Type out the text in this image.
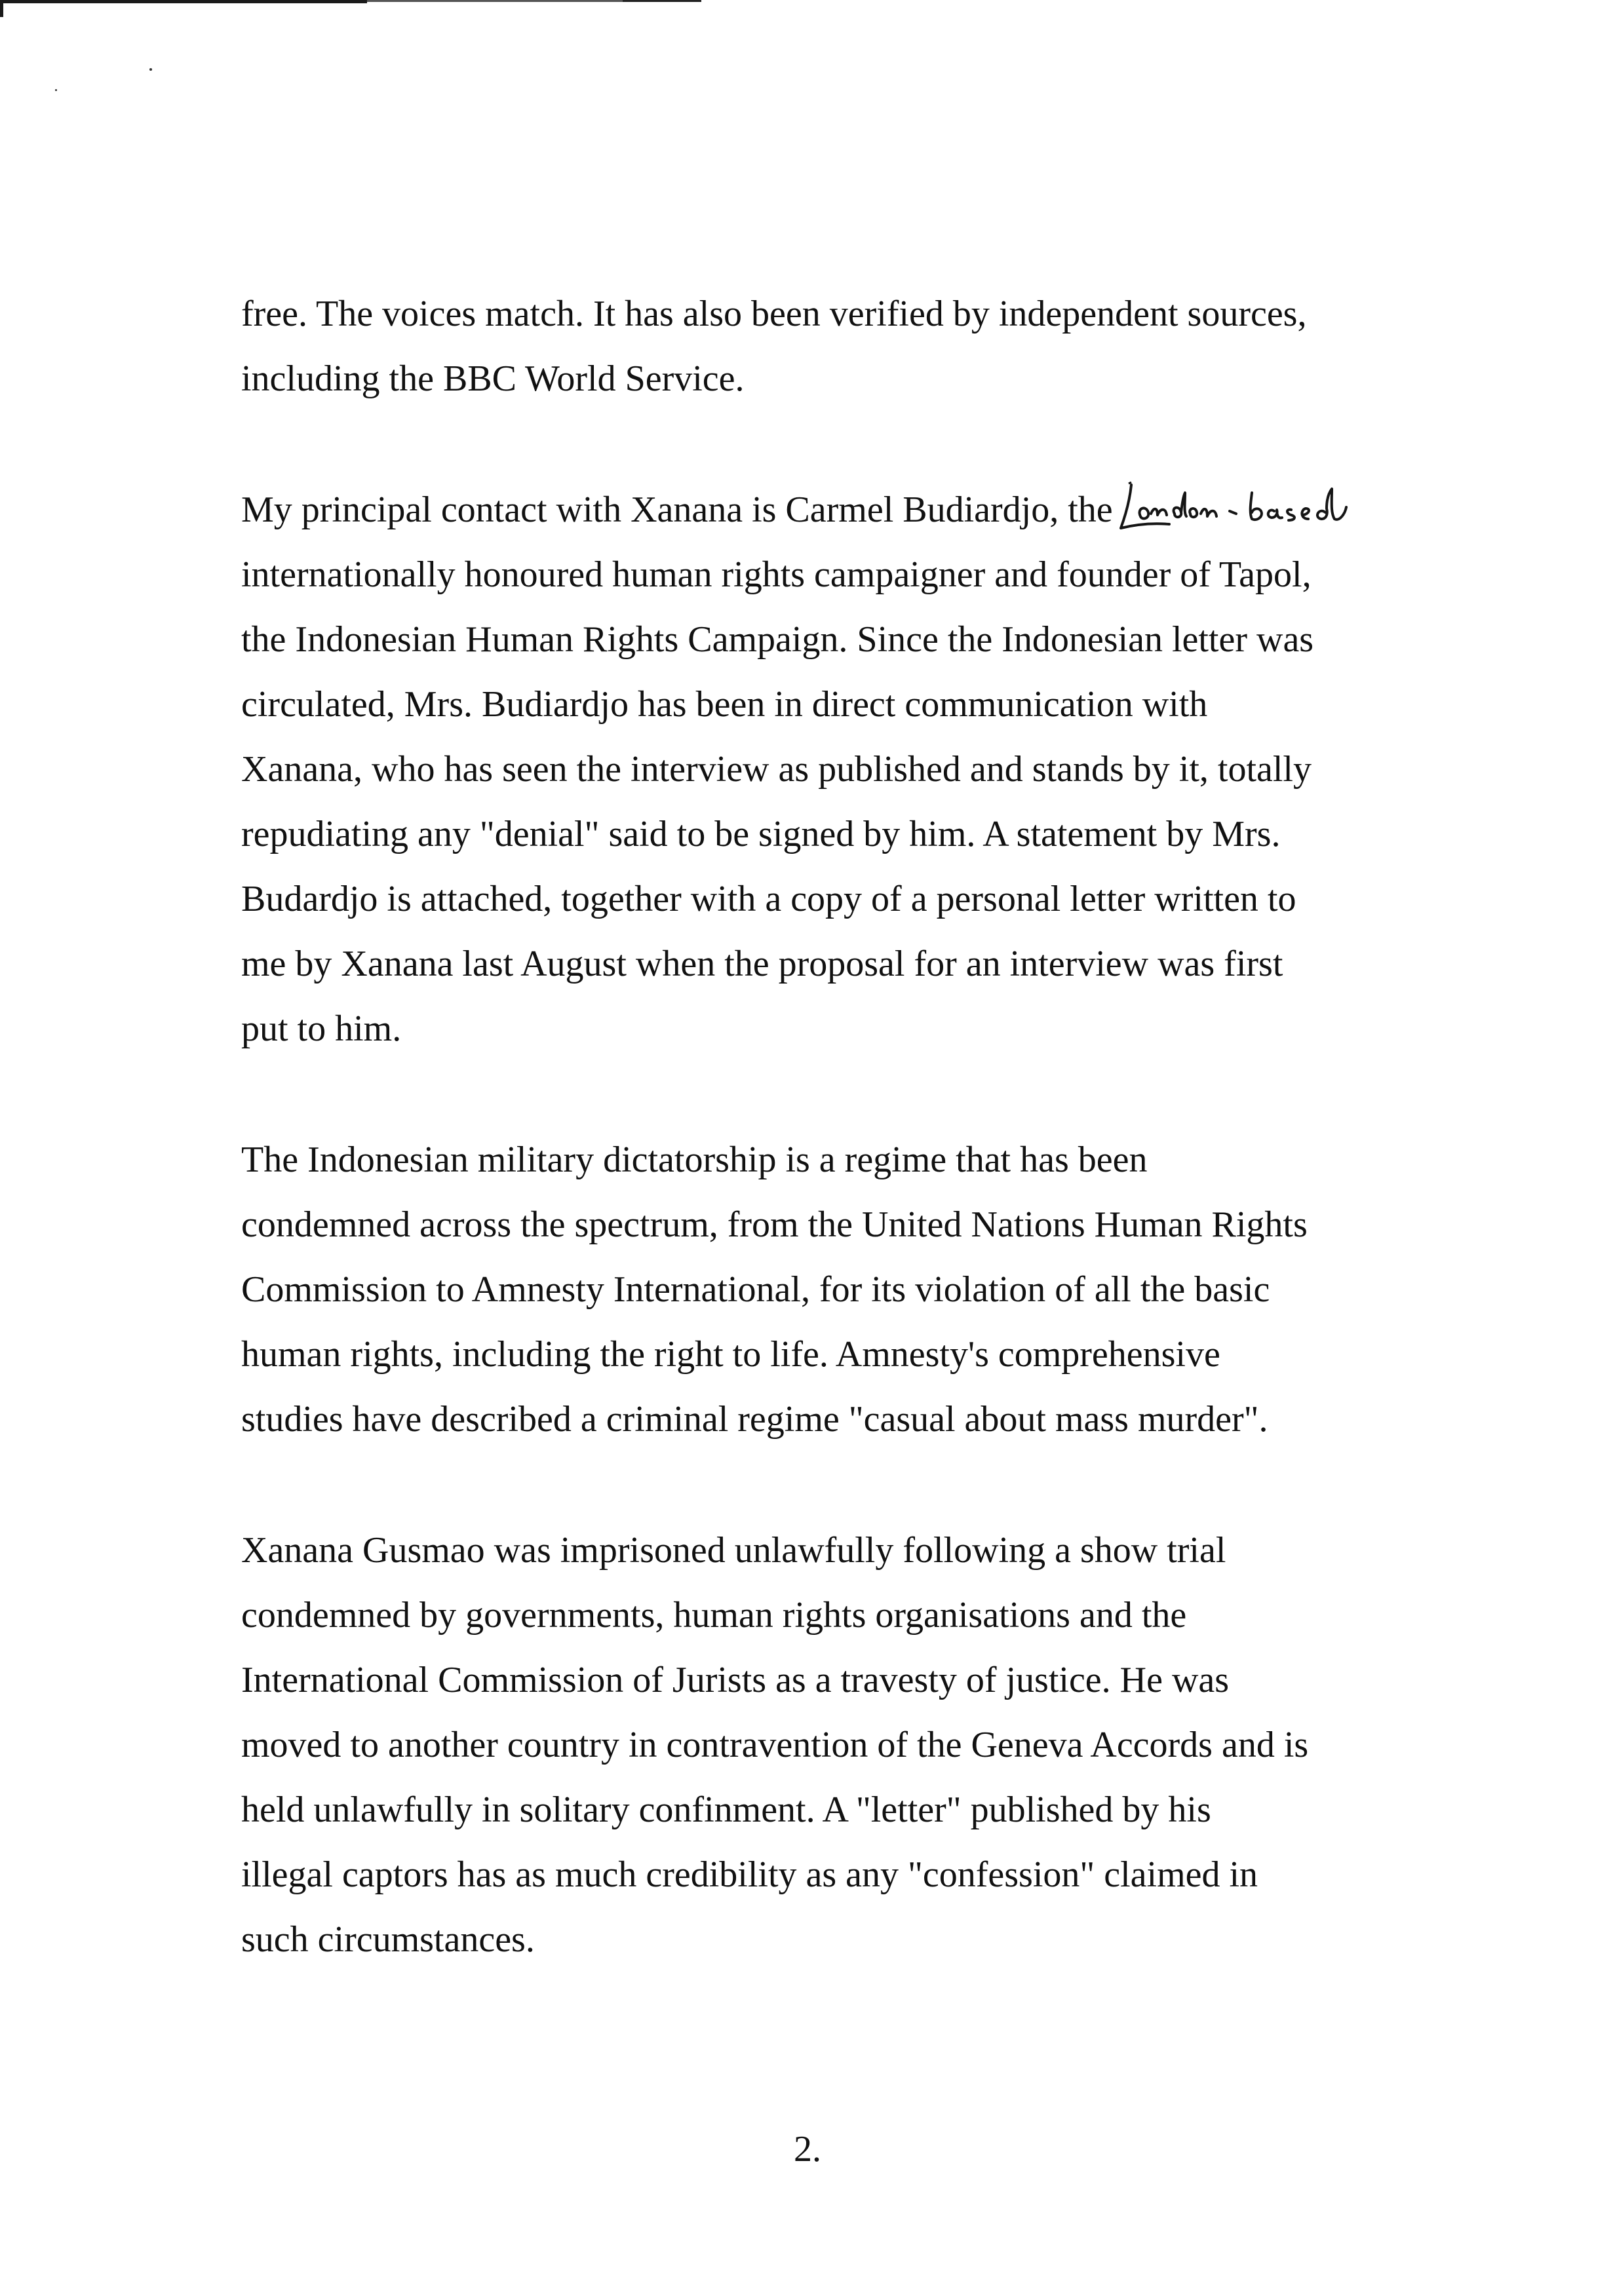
free. The voices match. It has also been verified by independent sources,
including the BBC World Service.

My principal contact with Xanana is Carmel Budiardjo, the
internationally honoured human rights campaigner and founder of Tapol,
the Indonesian Human Rights Campaign. Since the Indonesian letter was
circulated, Mrs. Budiardjo has been in direct communication with
Xanana, who has seen the interview as published and stands by it, totally
repudiating any "denial" said to be signed by him. A statement by Mrs.
Budardjo is attached, together with a copy of a personal letter written to
me by Xanana last August when the proposal for an interview was first
put to him.

The Indonesian military dictatorship is a regime that has been
condemned across the spectrum, from the United Nations Human Rights
Commission to Amnesty International, for its violation of all the basic
human rights, including the right to life. Amnesty's comprehensive
studies have described a criminal regime "casual about mass murder".

Xanana Gusmao was imprisoned unlawfully following a show trial
condemned by governments, human rights organisations and the
International Commission of Jurists as a travesty of justice. He was
moved to another country in contravention of the Geneva Accords and is
held unlawfully in solitary confinment. A "letter" published by his
illegal captors has as much credibility as any "confession" claimed in
such circumstances.

2.
